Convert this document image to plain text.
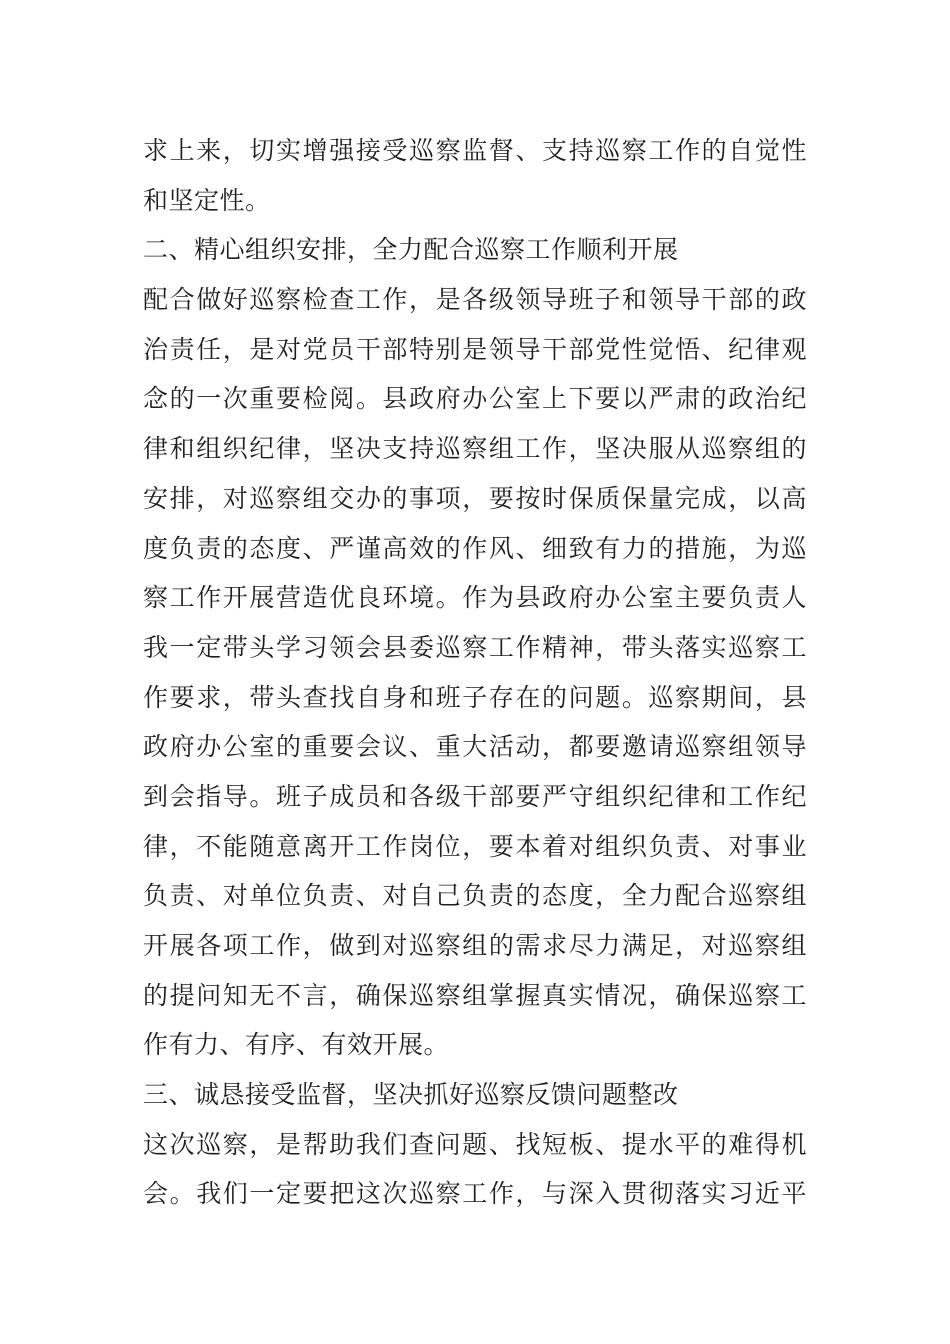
求上来，切实增强接受巡察监督、支持巡察工作的自觉性
和坚定性。
二、精心组织安排，全力配合巡察工作顺利开展
配合做好巡察检查工作，是各级领导班子和领导干部的政
治责任，是对党员干部特别是领导干部党性觉悟、纪律观
念的一次重要检阅。县政府办公室上下要以严肃的政治纪
律和组织纪律，坚决支持巡察组工作，坚决服从巡察组的
安排，对巡察组交办的事项，要按时保质保量完成，以高
度负责的态度、严谨高效的作风、细致有力的措施，为巡
察工作开展营造优良环境。作为县政府办公室主要负责人
我一定带头学习领会县委巡察工作精神，带头落实巡察工
作要求，带头查找自身和班子存在的问题。巡察期间，县
政府办公室的重要会议、重大活动，都要邀请巡察组领导
到会指导。班子成员和各级干部要严守组织纪律和工作纪
律，不能随意离开工作岗位，要本着对组织负责、对事业
负责、对单位负责、对自己负责的态度，全力配合巡察组
开展各项工作，做到对巡察组的需求尽力满足，对巡察组
的提问知无不言，确保巡察组掌握真实情况，确保巡察工
作有力、有序、有效开展。
三、诚恳接受监督，坚决抓好巡察反馈问题整改
这次巡察，是帮助我们查问题、找短板、提水平的难得机
会。我们一定要把这次巡察工作，与深入贯彻落实习近平
